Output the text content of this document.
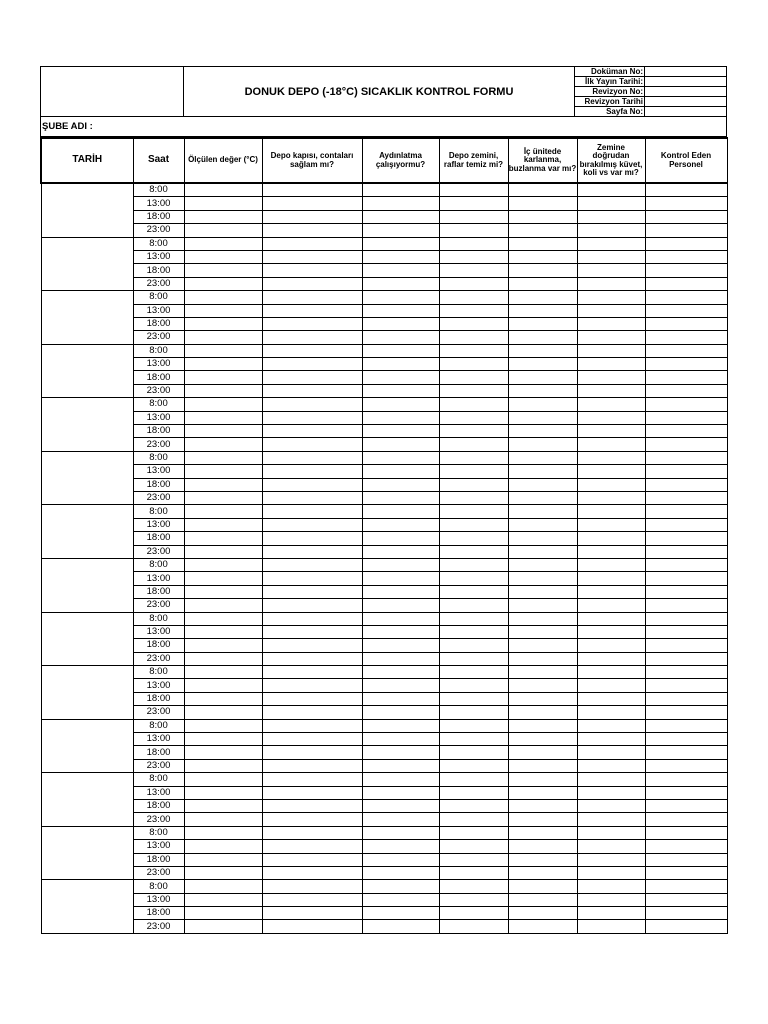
	DONUK DEPO (-18°C) SICAKLIK KONTROL FORMU	Doküman No:	
		İlk Yayın Tarihi:	
		Revizyon No:	
		Revizyon Tarihi	
		Sayfa No:	
ŞUBE ADI :			
TARİH	Saat	Ölçülen değer (°C)	Depo kapısı, contaları sağlam mı?	Aydınlatma çalışıyormu?	Depo zemini, raflar temiz mi?	İç ünitede karlanma, buzlanma var mı?	Zemine doğrudan bırakılmış küvet, koli vs var mı?	Kontrol Eden Personel
	8:00							
	13:00							
	18:00							
	23:00							
	8:00							
	13:00							
	18:00							
	23:00							
	8:00							
	13:00							
	18:00							
	23:00							
	8:00							
	13:00							
	18:00							
	23:00							
	8:00							
	13:00							
	18:00							
	23:00							
	8:00							
	13:00							
	18:00							
	23:00							
	8:00							
	13:00							
	18:00							
	23:00							
	8:00							
	13:00							
	18:00							
	23:00							
	8:00							
	13:00							
	18:00							
	23:00							
	8:00							
	13:00							
	18:00							
	23:00							
	8:00							
	13:00							
	18:00							
	23:00							
	8:00							
	13:00							
	18:00							
	23:00							
	8:00							
	13:00							
	18:00							
	23:00							
	8:00							
	13:00							
	18:00							
	23:00							
